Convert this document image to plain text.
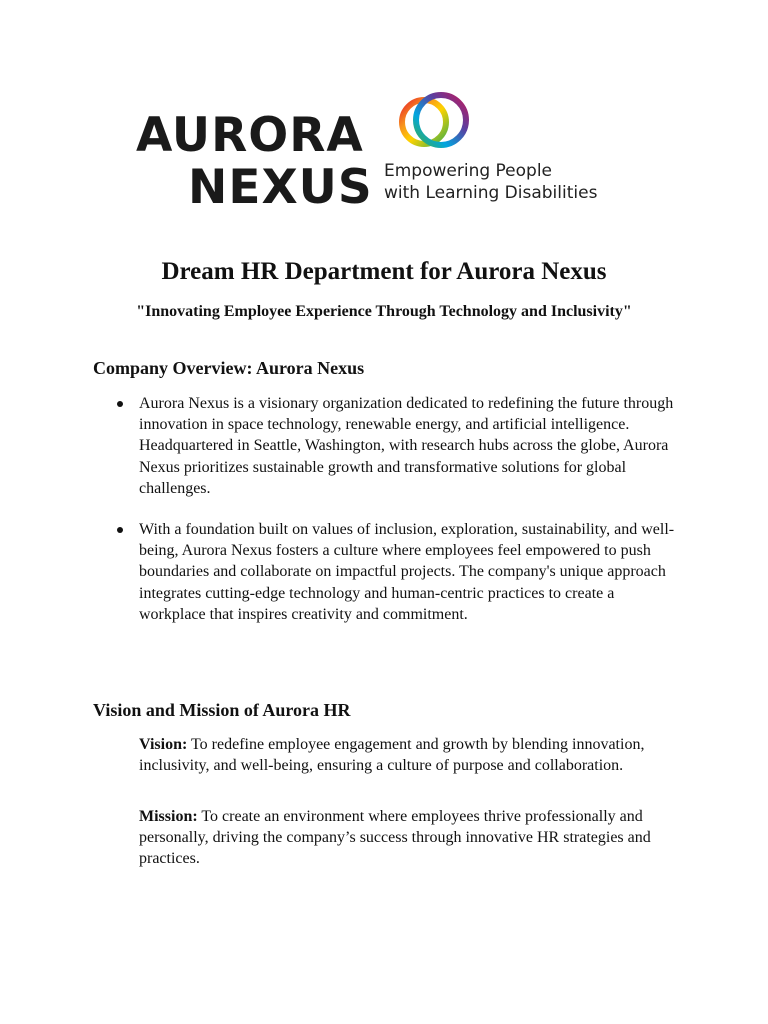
AURORA

NEXUS Empowering People

with Learning Disabilities

Dream HR Department for Aurora Nexus

"Innovating Employee Experience Through Technology and Inclusivity"

Company Overview: Aurora Nexus
Aurora Nexus is a visionary organization dedicated to redefining the future through innovation in space technology, renewable energy, and artificial intelligence. Headquartered in Seattle, Washington, with research hubs across the globe, Aurora Nexus prioritizes sustainable growth and transformative solutions for global challenges.
With a foundation built on values of inclusion, exploration, sustainability, and well-being, Aurora Nexus fosters a culture where employees feel empowered to push boundaries and collaborate on impactful projects. The company's unique approach integrates cutting-edge technology and human-centric practices to create a workplace that inspires creativity and commitment.
Vision and Mission of Aurora HR

Vision: To redefine employee engagement and growth by blending innovation, inclusivity, and well-being, ensuring a culture of purpose and collaboration.

Mission: To create an environment where employees thrive professionally and personally, driving the company’s success through innovative HR strategies and practices.
